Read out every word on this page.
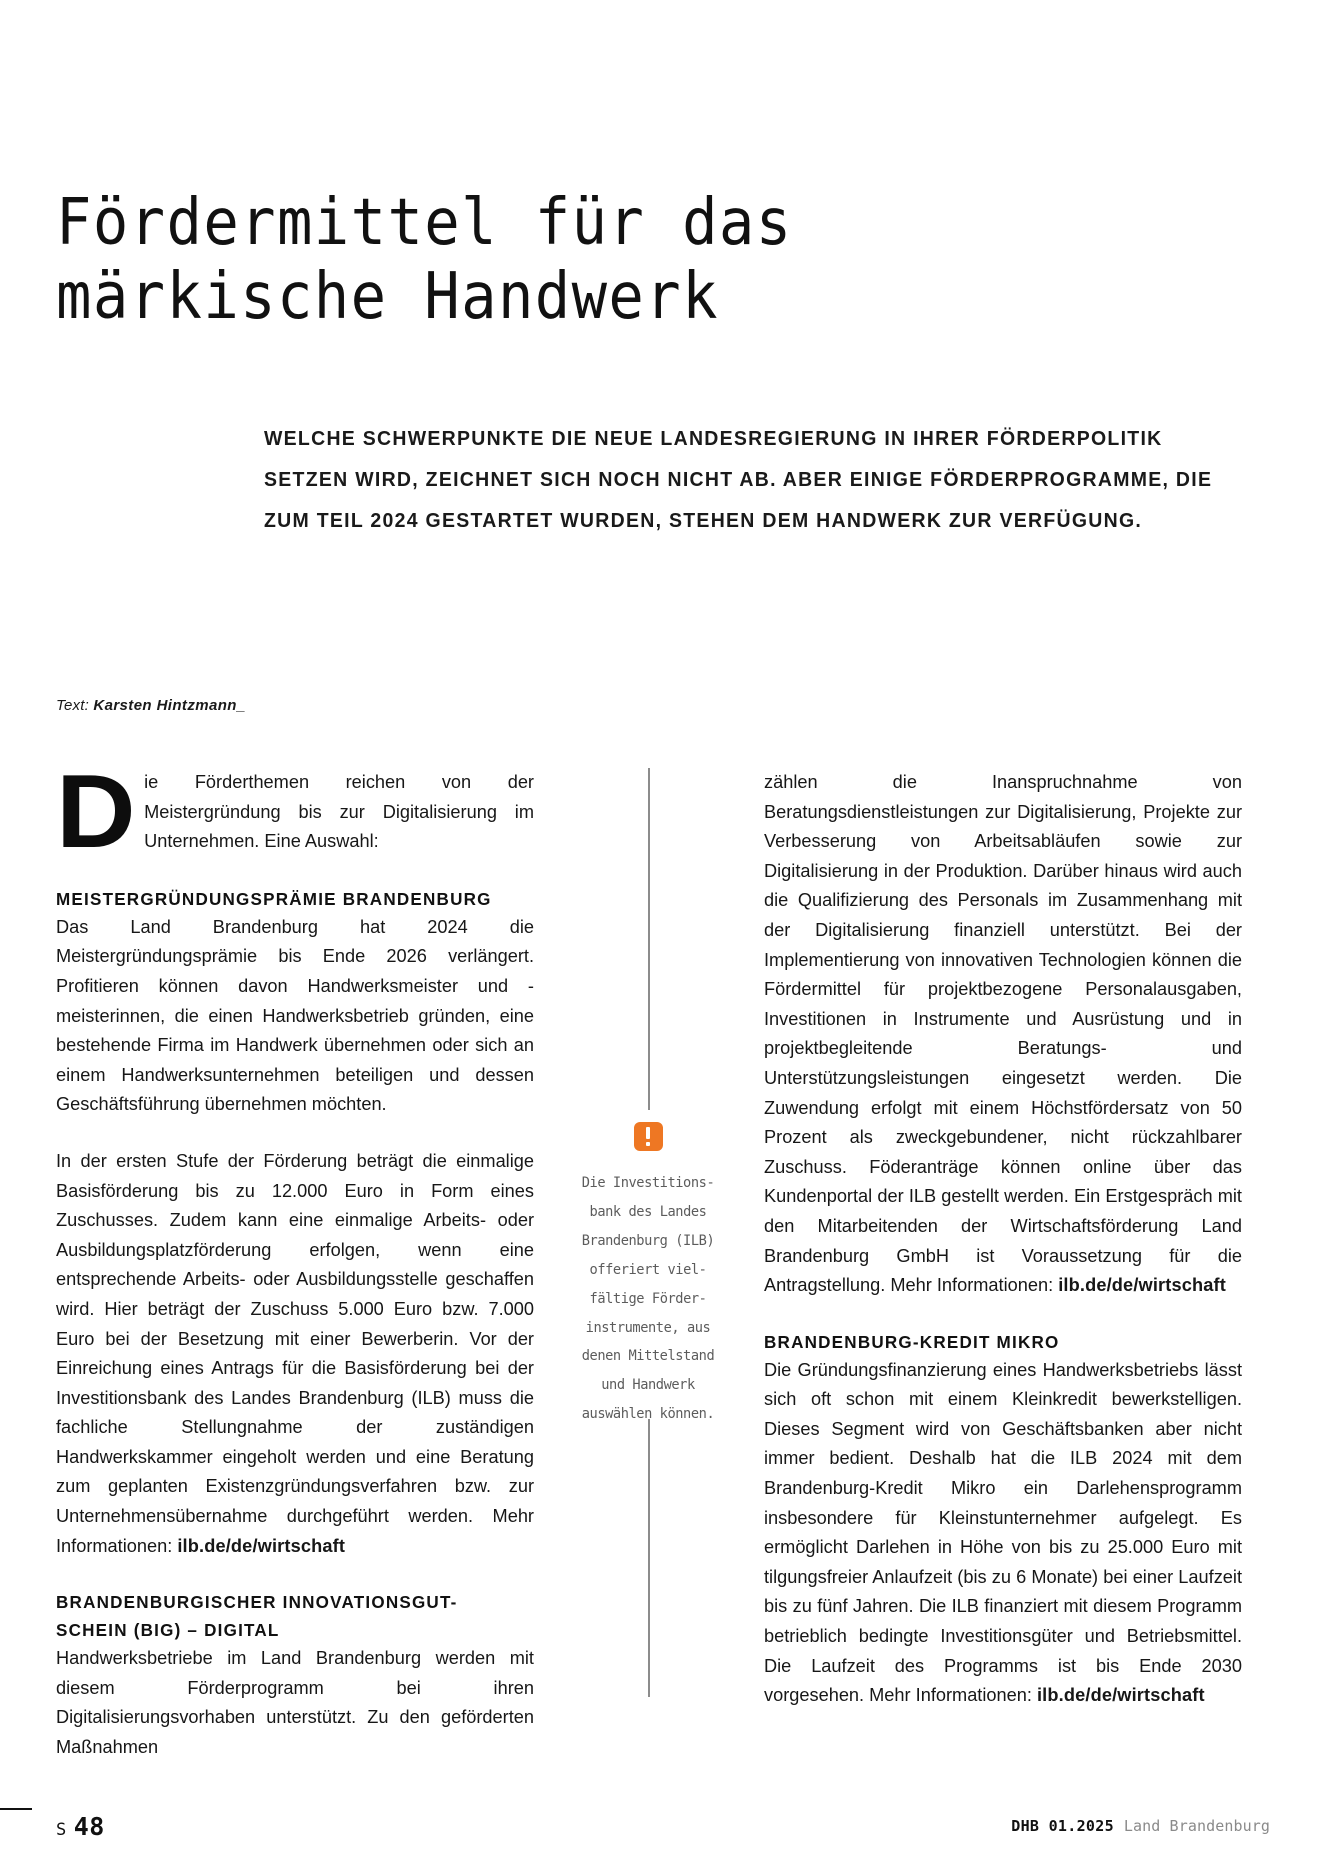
Fördermittel für das
märkische Handwerk
WELCHE SCHWERPUNKTE DIE NEUE LANDESREGIERUNG IN IHRER FÖRDERPOLITIK
SETZEN WIRD, ZEICHNET SICH NOCH NICHT AB. ABER EINIGE FÖRDERPROGRAMME, DIE
ZUM TEIL 2024 GESTARTET WURDEN, STEHEN DEM HANDWERK ZUR VERFÜGUNG.
Text: Karsten Hintzmann_

Die Förderthemen reichen von der Meistergründung bis zur Digitalisierung im Unternehmen. Eine Auswahl:

MEISTERGRÜNDUNGSPRÄMIE BRANDENBURG

Das Land Brandenburg hat 2024 die Meistergründungsprämie bis Ende 2026 verlängert. Profitieren können davon Handwerksmeister und -meisterinnen, die einen Handwerksbetrieb gründen, eine bestehende Firma im Handwerk übernehmen oder sich an einem Handwerksunternehmen beteiligen und dessen Geschäftsführung übernehmen möchten.

In der ersten Stufe der Förderung beträgt die einmalige Basisförderung bis zu 12.000 Euro in Form eines Zuschusses. Zudem kann eine einmalige Arbeits- oder Ausbildungsplatzförderung erfolgen, wenn eine entsprechende Arbeits- oder Ausbildungsstelle geschaffen wird. Hier beträgt der Zuschuss 5.000 Euro bzw. 7.000 Euro bei der Besetzung mit einer Bewerberin. Vor der Einreichung eines Antrags für die Basisförderung bei der Investitionsbank des Landes Brandenburg (ILB) muss die fachliche Stellungnahme der zuständigen Handwerkskammer eingeholt werden und eine Beratung zum geplanten Existenzgründungsverfahren bzw. zur Unternehmensübernahme durchgeführt werden. Mehr Informationen: ilb.de/de/wirtschaft

BRANDENBURGISCHER INNOVATIONSGUT-
SCHEIN (BIG) – DIGITAL

Handwerksbetriebe im Land Brandenburg werden mit diesem Förderprogramm bei ihren Digitalisierungsvorhaben unterstützt. Zu den geförderten Maßnahmen

zählen die Inanspruchnahme von Beratungsdienstleistungen zur Digitalisierung, Projekte zur Verbesserung von Arbeitsabläufen sowie zur Digitalisierung in der Produktion. Darüber hinaus wird auch die Qualifizierung des Personals im Zusammenhang mit der Digitalisierung finanziell unterstützt. Bei der Implementierung von innovativen Technologien können die Fördermittel für projektbezogene Personalausgaben, Investitionen in Instrumente und Ausrüstung und in projektbegleitende Beratungs- und Unterstützungsleistungen eingesetzt werden. Die Zuwendung erfolgt mit einem Höchstfördersatz von 50 Prozent als zweckgebundener, nicht rückzahlbarer Zuschuss. Föderanträge können online über das Kundenportal der ILB gestellt werden. Ein Erstgespräch mit den Mitarbeitenden der Wirtschaftsförderung Land Brandenburg GmbH ist Voraussetzung für die Antragstellung. Mehr Informationen: ilb.de/de/wirtschaft

BRANDENBURG-KREDIT MIKRO

Die Gründungsfinanzierung eines Handwerksbetriebs lässt sich oft schon mit einem Kleinkredit bewerkstelligen. Dieses Segment wird von Geschäftsbanken aber nicht immer bedient. Deshalb hat die ILB 2024 mit dem Brandenburg-Kredit Mikro ein Darlehensprogramm insbesondere für Kleinstunternehmer aufgelegt. Es ermöglicht Darlehen in Höhe von bis zu 25.000 Euro mit tilgungsfreier Anlaufzeit (bis zu 6 Monate) bei einer Laufzeit bis zu fünf Jahren. Die ILB finanziert mit diesem Programm betrieblich bedingte Investitionsgüter und Betriebsmittel. Die Laufzeit des Programms ist bis Ende 2030 vorgesehen. Mehr Informationen: ilb.de/de/wirtschaft

Die Investitions-
bank des Landes
Brandenburg (ILB)
offeriert viel-
fältige Förder-
instrumente, aus
denen Mittelstand
und Handwerk
auswählen können.
S 48	DHB 01.2025 Land Brandenburg
